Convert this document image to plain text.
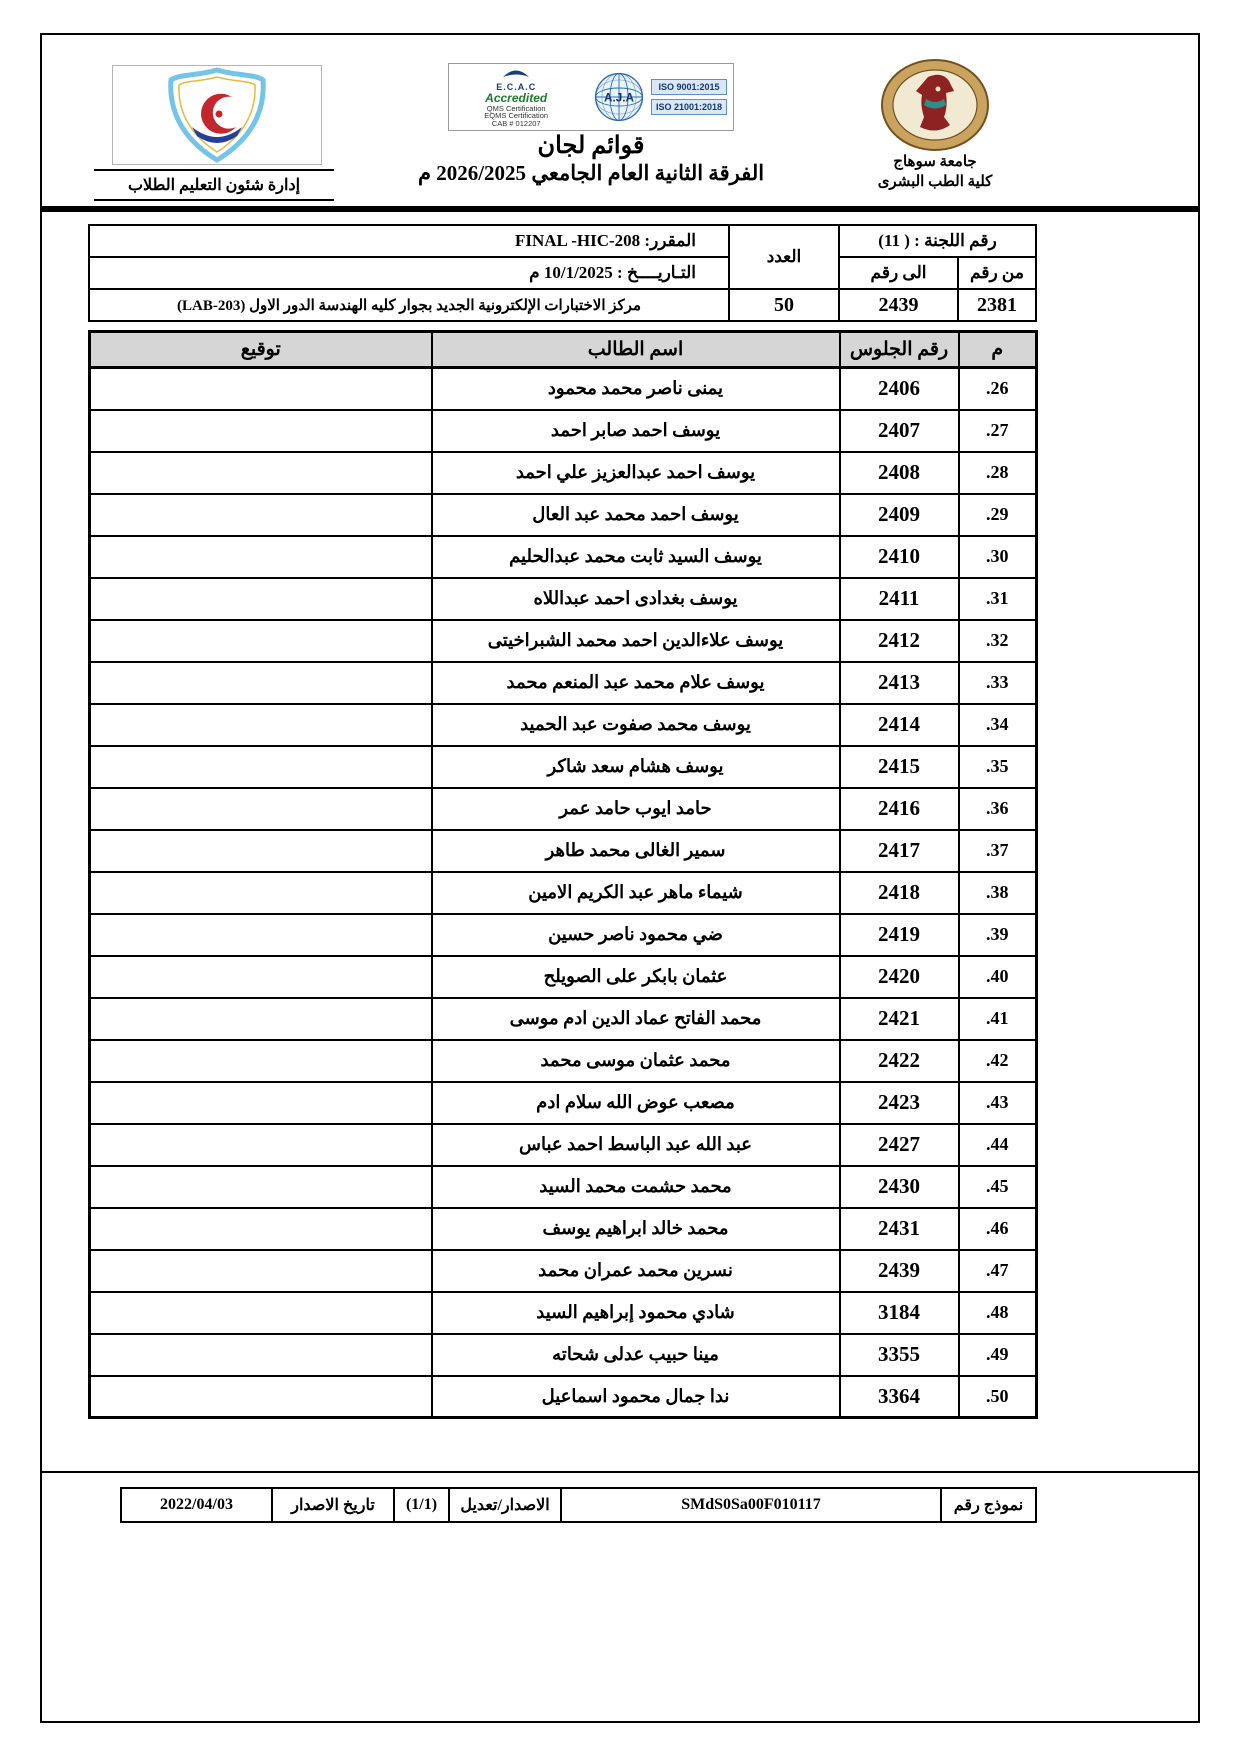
جامعة سوهاج
كلية الطب البشرى
E.C.A.C
Accredited
QMS Certification
EQMS Certification
CAB # 012207
A.J.A
ISO 9001:2015
ISO 21001:2018
قوائم لجان
الفرقة الثانية العام الجامعي 2026/2025 م
إدارة شئون التعليم الطلاب
رقم اللجنة : ( 11)		العدد	المقرر: FINAL -HIC-208
من رقم	الى رقم		التـاريــــخ : 10/1/2025 م
2381	2439	50	مركز الاختبارات الإلكترونية الجديد بجوار كليه الهندسة الدور الاول (LAB-203)
م	رقم الجلوس	اسم الطالب	توقيع
26.	2406	يمنى ناصر محمد محمود	
27.	2407	يوسف احمد صابر احمد	
28.	2408	يوسف احمد عبدالعزيز علي احمد	
29.	2409	يوسف احمد محمد عبد العال	
30.	2410	يوسف السيد ثابت محمد عبدالحليم	
31.	2411	يوسف بغدادى احمد عبداللاه	
32.	2412	يوسف علاءالدين احمد محمد الشبراخيتى	
33.	2413	يوسف علام محمد عبد المنعم محمد	
34.	2414	يوسف محمد صفوت عبد الحميد	
35.	2415	يوسف هشام سعد شاكر	
36.	2416	حامد ايوب حامد عمر	
37.	2417	سمير الغالى محمد طاهر	
38.	2418	شيماء ماهر عبد الكريم الامين	
39.	2419	ضي محمود ناصر حسين	
40.	2420	عثمان بابكر على الصويلح	
41.	2421	محمد الفاتح عماد الدين ادم موسى	
42.	2422	محمد عثمان موسى محمد	
43.	2423	مصعب عوض الله سلام ادم	
44.	2427	عبد الله عبد الباسط احمد عباس	
45.	2430	محمد حشمت محمد السيد	
46.	2431	محمد خالد ابراهيم يوسف	
47.	2439	نسرين محمد عمران محمد	
48.	3184	شادي محمود إبراهيم السيد	
49.	3355	مينا حبيب عدلى شحاته	
50.	3364	ندا جمال محمود اسماعيل	
نموذج رقم	SMdS0Sa00F010117	الاصدار/تعديل	(1/1)	تاريخ الاصدار	2022/04/03
